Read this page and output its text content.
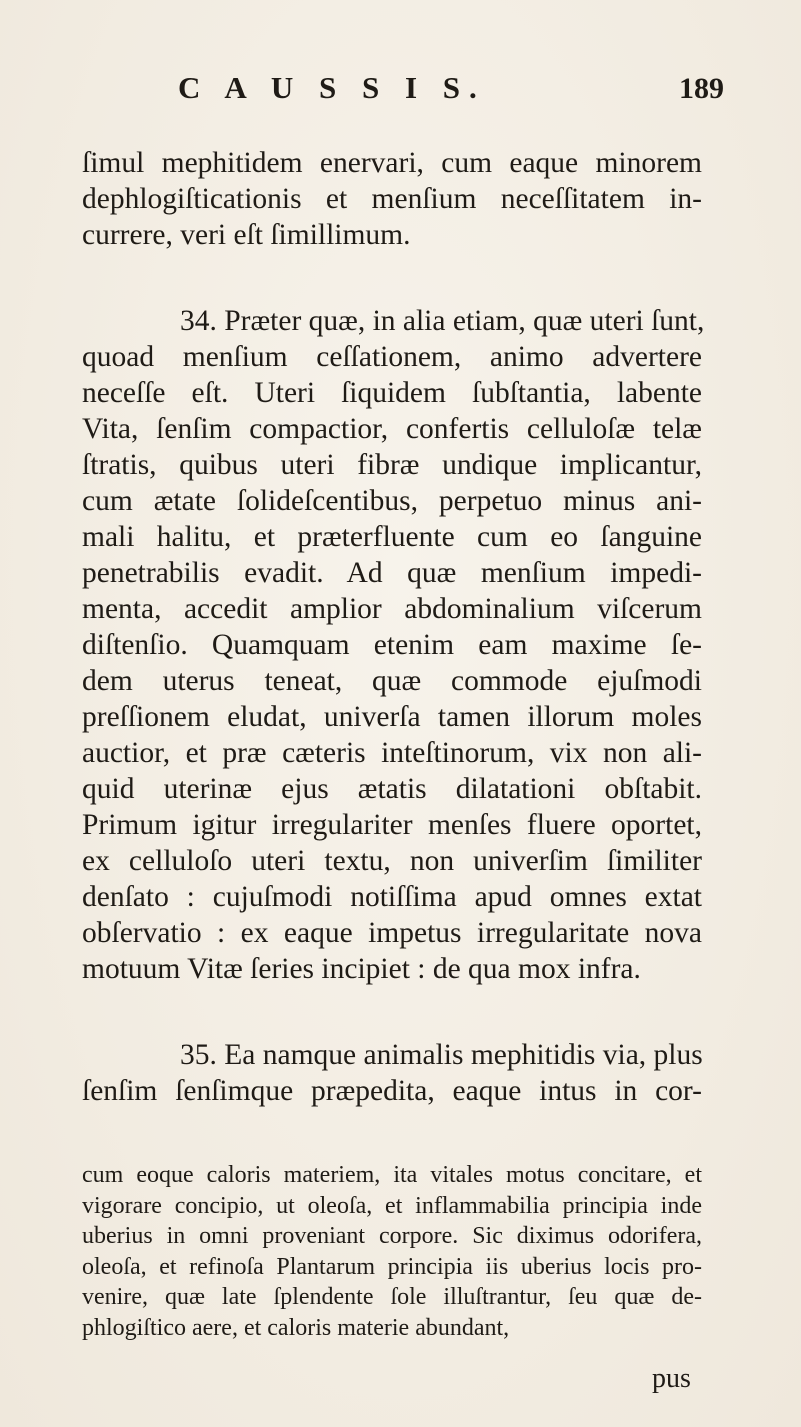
C A U S S I S.	189
ſimul mephitidem enervari, cum eaque minorem
dephlogiſticationis et menſium neceſſitatem in-
currere, veri eſt ſimillimum.
34. Præter quæ, in alia etiam, quæ uteri ſunt,
quoad menſium ceſſationem, animo advertere
neceſſe eſt. Uteri ſiquidem ſubſtantia, labente
Vita, ſenſim compactior, confertis celluloſæ telæ
ſtratis, quibus uteri fibræ undique implicantur,
cum ætate ſolideſcentibus, perpetuo minus ani-
mali halitu, et præterfluente cum eo ſanguine
penetrabilis evadit. Ad quæ menſium impedi-
menta, accedit amplior abdominalium viſcerum
diſtenſio. Quamquam etenim eam maxime ſe-
dem uterus teneat, quæ commode ejuſmodi
preſſionem eludat, univerſa tamen illorum moles
auctior, et præ cæteris inteſtinorum, vix non ali-
quid uterinæ ejus ætatis dilatationi obſtabit.
Primum igitur irregulariter menſes fluere oportet,
ex celluloſo uteri textu, non univerſim ſimiliter
denſato : cujuſmodi notiſſima apud omnes extat
obſervatio : ex eaque impetus irregularitate nova
motuum Vitæ ſeries incipiet : de qua mox infra.
35. Ea namque animalis mephitidis via, plus
ſenſim ſenſimque præpedita, eaque intus in cor-
cum eoque caloris materiem, ita vitales motus concitare, et
vigorare concipio, ut oleoſa, et inflammabilia principia inde
uberius in omni proveniant corpore. Sic diximus odorifera,
oleoſa, et refinoſa Plantarum principia iis uberius locis pro-
venire, quæ late ſplendente ſole illuſtrantur, ſeu quæ de-
phlogiſtico aere, et caloris materie abundant,
pus
